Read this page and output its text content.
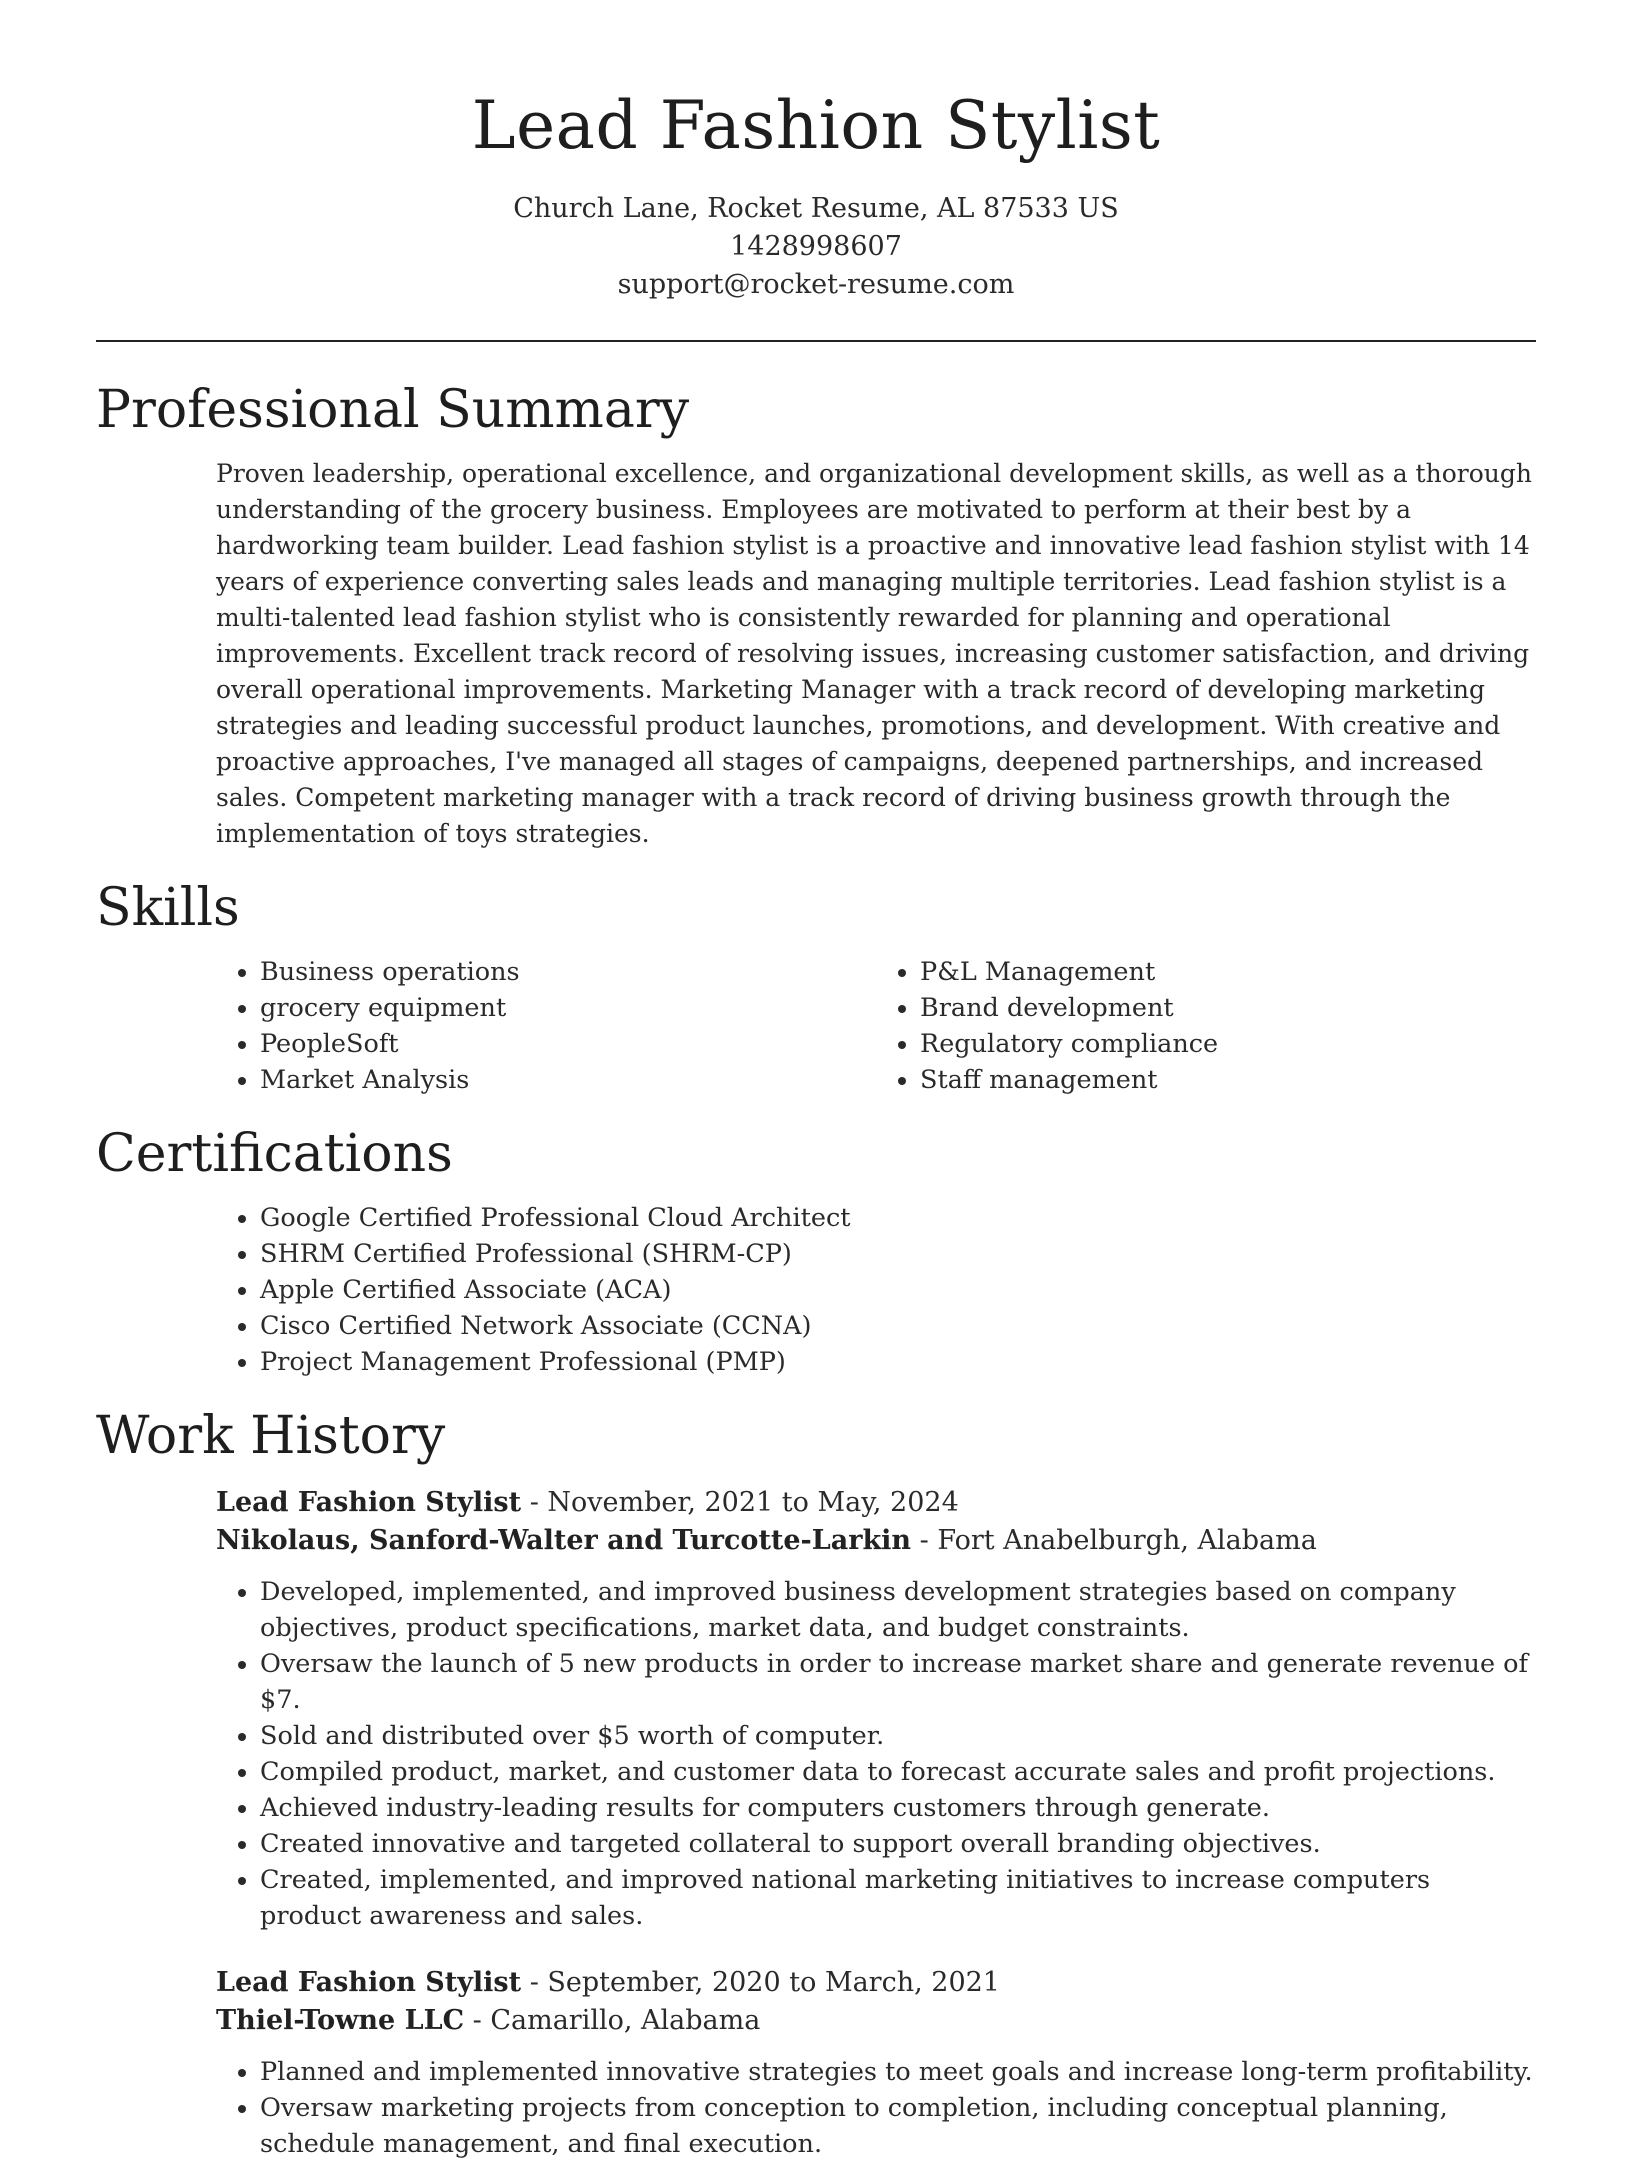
Lead Fashion Stylist
Church Lane, Rocket Resume, AL 87533 US
1428998607
support@rocket-resume.com
Professional Summary

Proven leadership, operational excellence, and organizational development skills, as well as a thorough understanding of the grocery business. Employees are motivated to perform at their best by a hardworking team builder. Lead fashion stylist is a proactive and innovative lead fashion stylist with 14 years of experience converting sales leads and managing multiple territories. Lead fashion stylist is a multi-talented lead fashion stylist who is consistently rewarded for planning and operational improvements. Excellent track record of resolving issues, increasing customer satisfaction, and driving overall operational improvements. Marketing Manager with a track record of developing marketing strategies and leading successful product launches, promotions, and development. With creative and proactive approaches, I've managed all stages of campaigns, deepened partnerships, and increased sales. Competent marketing manager with a track record of driving business growth through the implementation of toys strategies.

Skills
• Business operations
• grocery equipment
• PeopleSoft
• Market Analysis
• P&L Management
• Brand development
• Regulatory compliance
• Staff management
Certifications
• Google Certified Professional Cloud Architect
• SHRM Certified Professional (SHRM-CP)
• Apple Certified Associate (ACA)
• Cisco Certified Network Associate (CCNA)
• Project Management Professional (PMP)
Work History
Lead Fashion Stylist - November, 2021 to May, 2024
Nikolaus, Sanford-Walter and Turcotte-Larkin - Fort Anabelburgh, Alabama
• Developed, implemented, and improved business development strategies based on company objectives, product specifications, market data, and budget constraints.
• Oversaw the launch of 5 new products in order to increase market share and generate revenue of $7.
• Sold and distributed over $5 worth of computer.
• Compiled product, market, and customer data to forecast accurate sales and profit projections.
• Achieved industry-leading results for computers customers through generate.
• Created innovative and targeted collateral to support overall branding objectives.
• Created, implemented, and improved national marketing initiatives to increase computers product awareness and sales.
Lead Fashion Stylist - September, 2020 to March, 2021
Thiel-Towne LLC - Camarillo, Alabama
• Planned and implemented innovative strategies to meet goals and increase long-term profitability.
• Oversaw marketing projects from conception to completion, including conceptual planning, schedule management, and final execution.
